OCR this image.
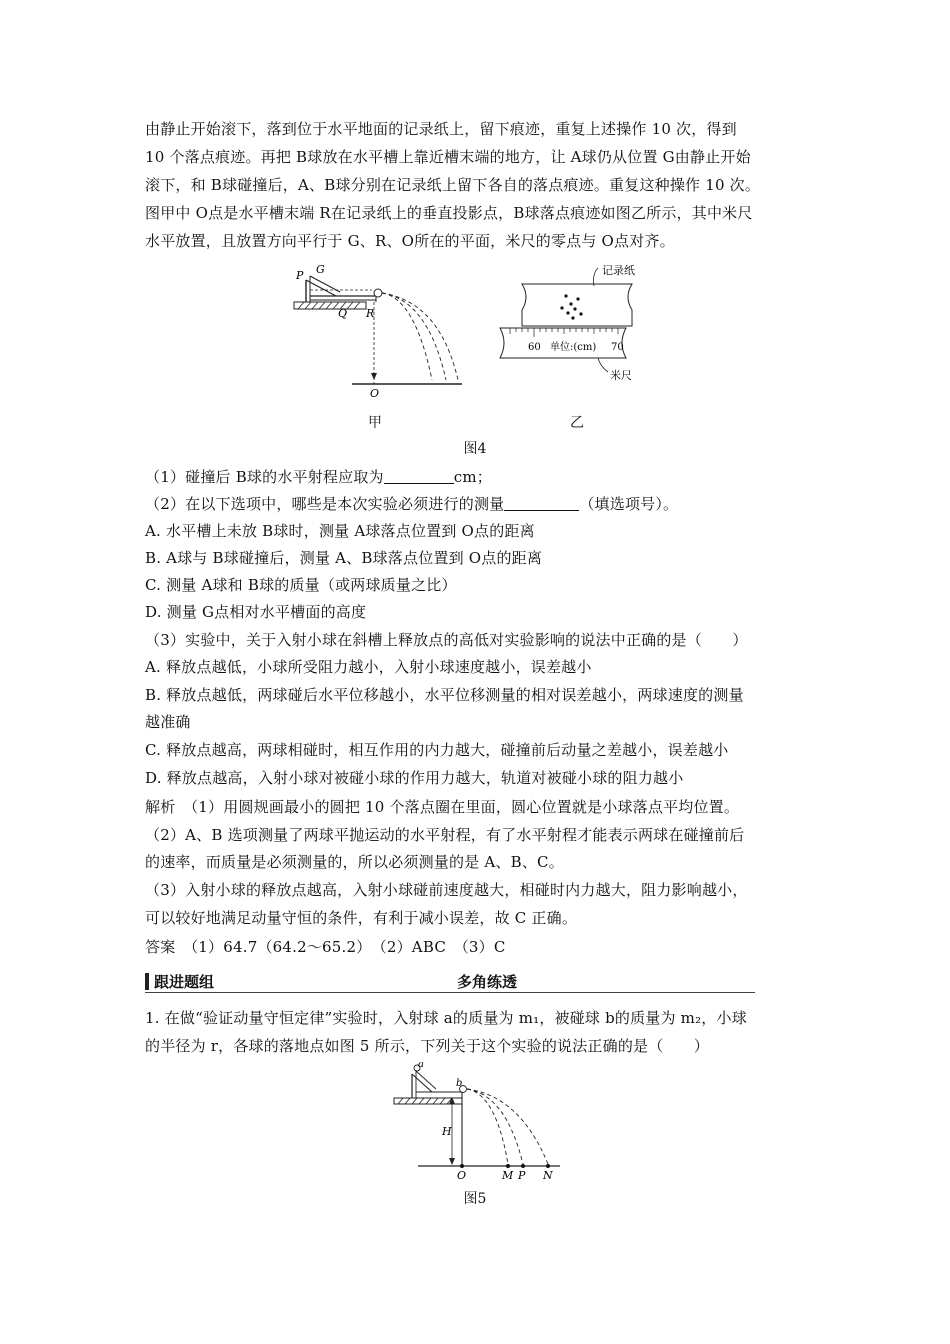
由静止开始滚下，落到位于水平地面的记录纸上，留下痕迹，重复上述操作 10 次，得到
10 个落点痕迹。再把 B球放在水平槽上靠近槽末端的地方，让 A球仍从位置 G由静止开始
滚下，和 B球碰撞后，A、B球分别在记录纸上留下各自的落点痕迹。重复这种操作 10 次。
图甲中 O点是水平槽末端 R在记录纸上的垂直投影点，B球落点痕迹如图乙所示，其中米尺
水平放置，且放置方向平行于 G、R、O所在的平面，米尺的零点与 O点对齐。
P G
Q R
O
60 单位:(cm) 70
记录纸
米尺
甲	乙
图4
（1）碰撞后 B球的水平射程应取为	cm；
（2）在以下选项中，哪些是本次实验必须进行的测量	（填选项号）。
A. 水平槽上未放 B球时，测量 A球落点位置到 O点的距离
B. A球与 B球碰撞后，测量 A、B球落点位置到 O点的距离
C. 测量 A球和 B球的质量（或两球质量之比）
D. 测量 G点相对水平槽面的高度
（3）实验中，关于入射小球在斜槽上释放点的高低对实验影响的说法中正确的是（　　）
A. 释放点越低，小球所受阻力越小，入射小球速度越小，误差越小
B. 释放点越低，两球碰后水平位移越小，水平位移测量的相对误差越小，两球速度的测量
越准确
C. 释放点越高，两球相碰时，相互作用的内力越大，碰撞前后动量之差越小，误差越小
D. 释放点越高，入射小球对被碰小球的作用力越大，轨道对被碰小球的阻力越小
解析　（1）用圆规画最小的圆把 10 个落点圈在里面，圆心位置就是小球落点平均位置。
（2）A、B 选项测量了两球平抛运动的水平射程，有了水平射程才能表示两球在碰撞前后
的速率，而质量是必须测量的，所以必须测量的是 A、B、C。
（3）入射小球的释放点越高，入射小球碰前速度越大，相碰时内力越大，阻力影响越小，
可以较好地满足动量守恒的条件，有利于减小误差，故 C 正确。
答案　（1）64.7（64.2～65.2）　（2）ABC　（3）C
跟进题组	多角练透
1. 在做“验证动量守恒定律”实验时，入射球 a的质量为 m₁，被碰球 b的质量为 m₂，小球
的半径为 r，各球的落地点如图 5 所示，下列关于这个实验的说法正确的是（　　）
a
b
H
O	M P N
图5
